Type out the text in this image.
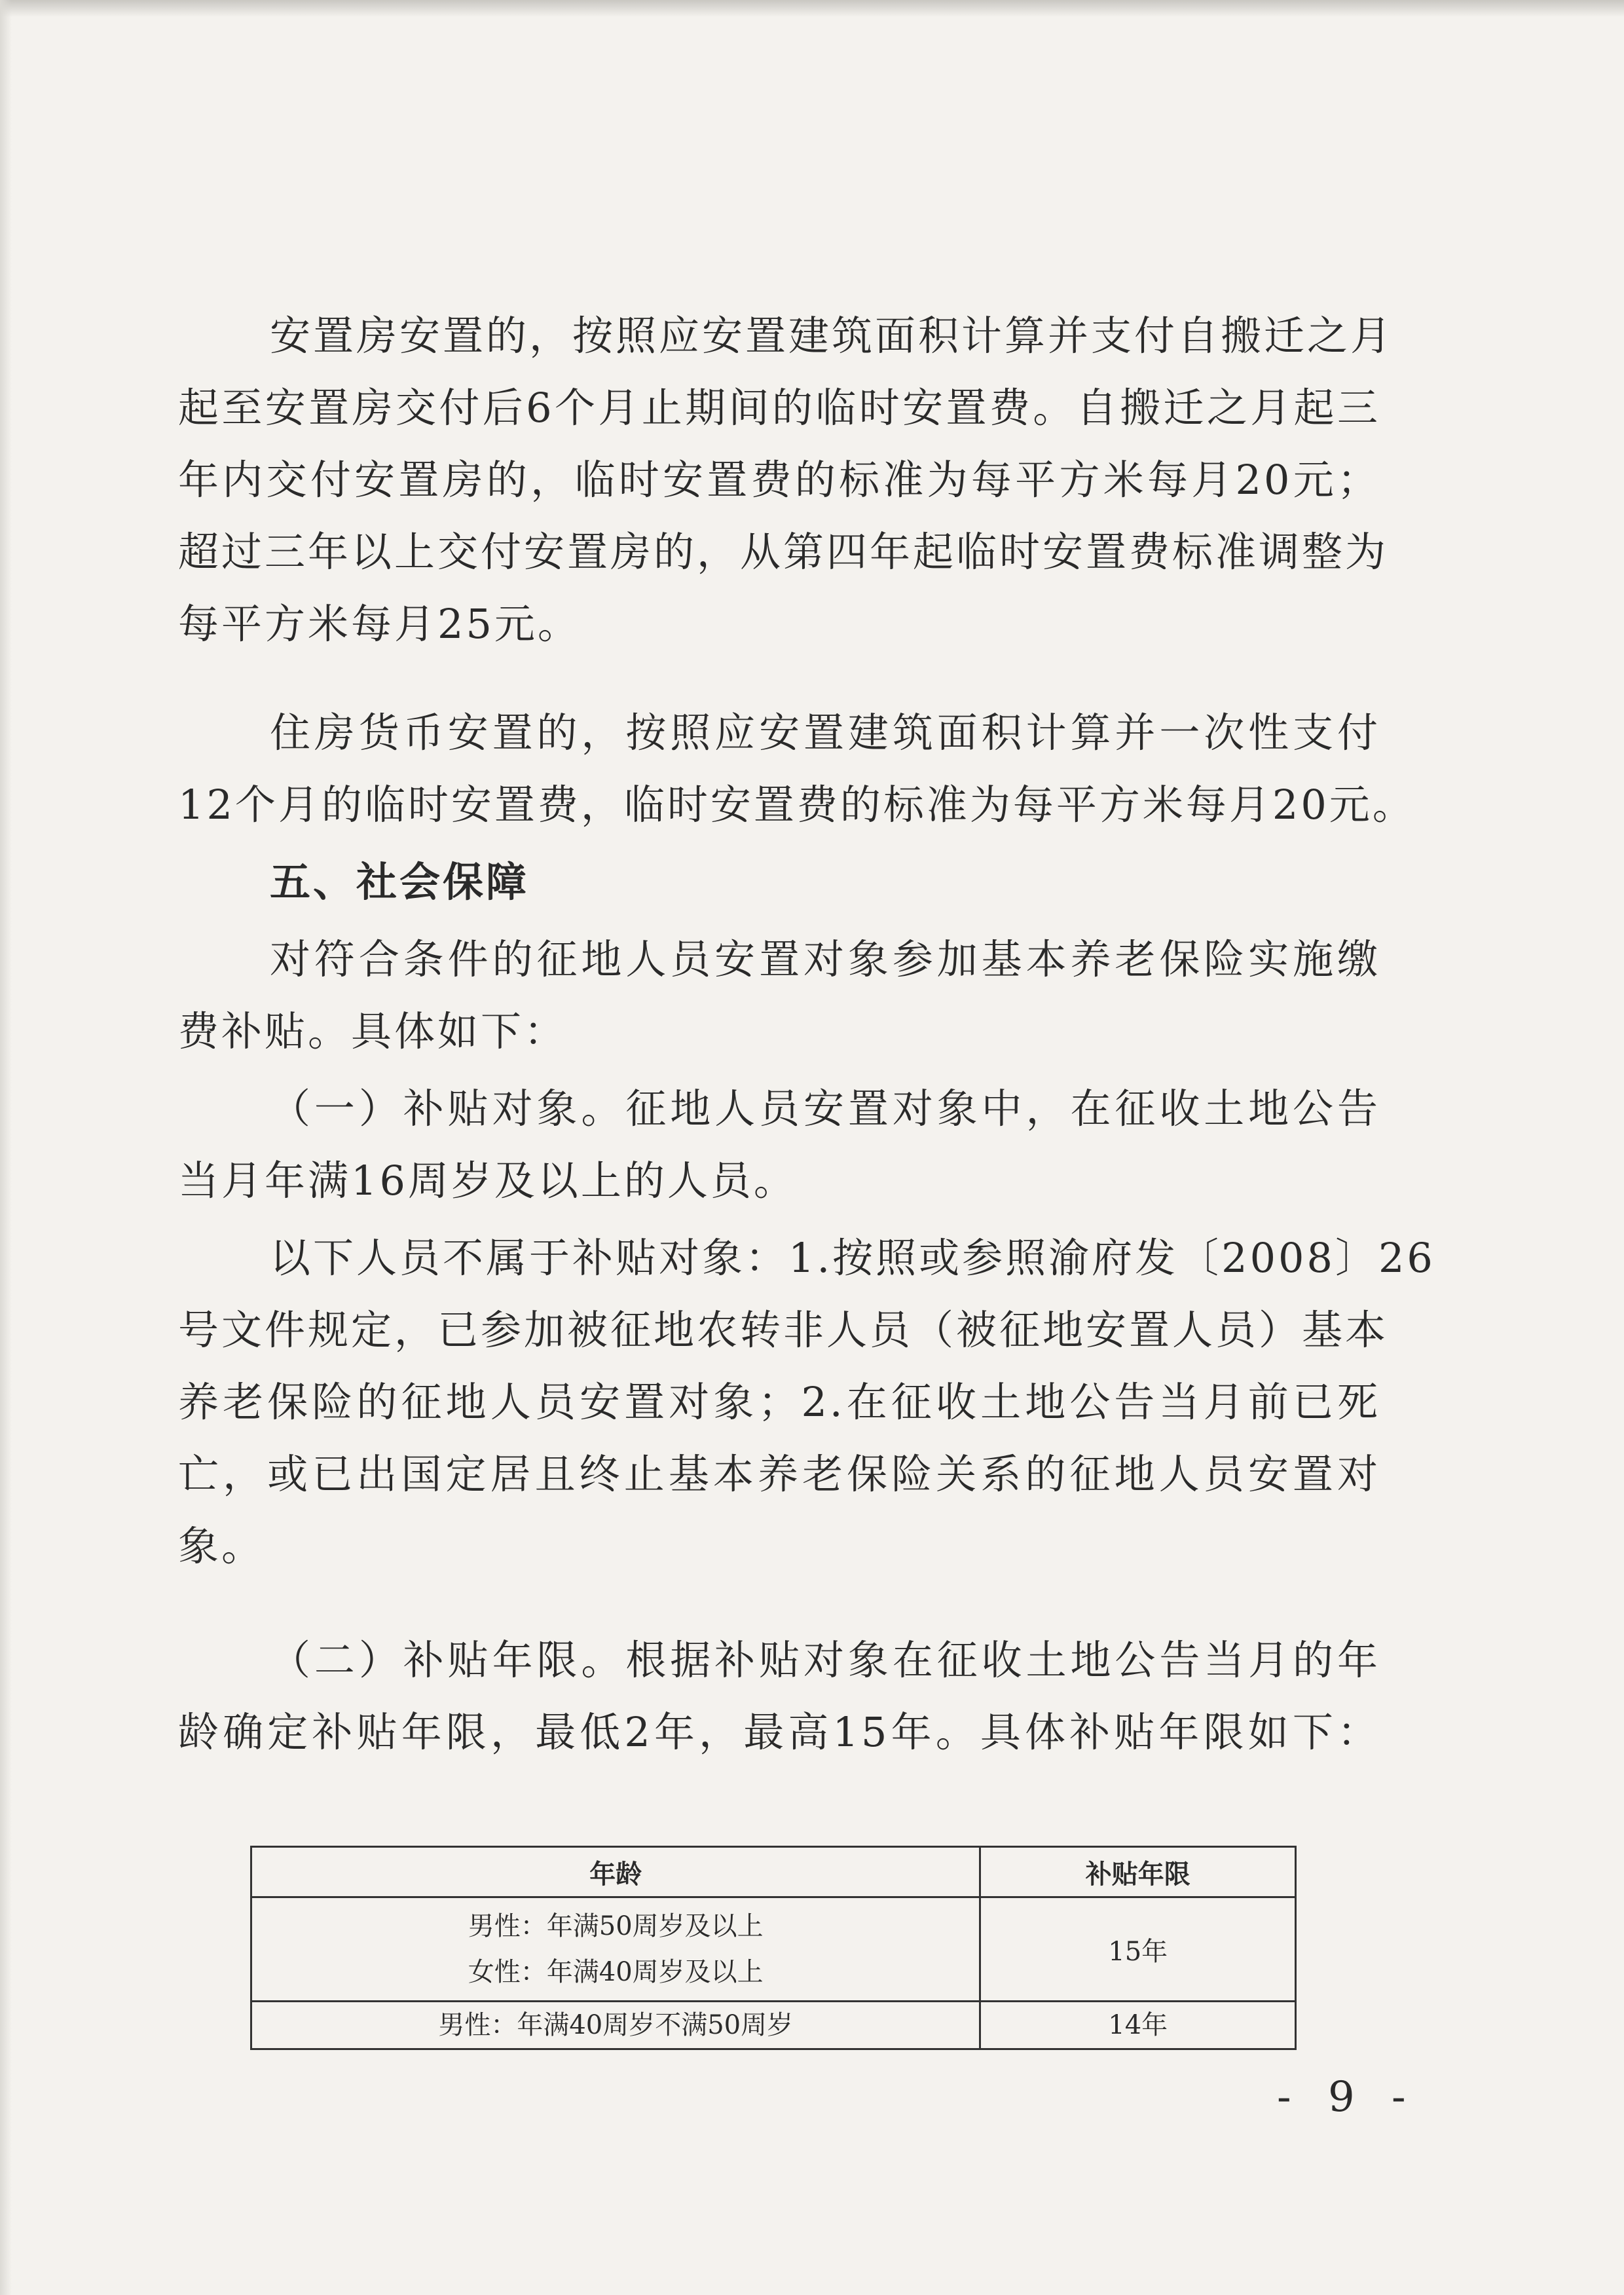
安置房安置的，按照应安置建筑面积计算并支付自搬迁之月
起至安置房交付后6个月止期间的临时安置费。自搬迁之月起三
年内交付安置房的，临时安置费的标准为每平方米每月20元；
超过三年以上交付安置房的，从第四年起临时安置费标准调整为
每平方米每月25元。
住房货币安置的，按照应安置建筑面积计算并一次性支付
12个月的临时安置费，临时安置费的标准为每平方米每月20元。
五、社会保障
对符合条件的征地人员安置对象参加基本养老保险实施缴
费补贴。具体如下：
（一）补贴对象。征地人员安置对象中，在征收土地公告
当月年满16周岁及以上的人员。
以下人员不属于补贴对象：1.按照或参照渝府发〔2008〕26
号文件规定，已参加被征地农转非人员（被征地安置人员）基本
养老保险的征地人员安置对象；2.在征收土地公告当月前已死
亡，或已出国定居且终止基本养老保险关系的征地人员安置对
象。
（二）补贴年限。根据补贴对象在征收土地公告当月的年
龄确定补贴年限，最低2年，最高15年。具体补贴年限如下：
年龄	补贴年限

男性：年满50周岁及以上
女性：年满40周岁及以上	15年
男性：年满40周岁不满50周岁	14年
- 9 -
